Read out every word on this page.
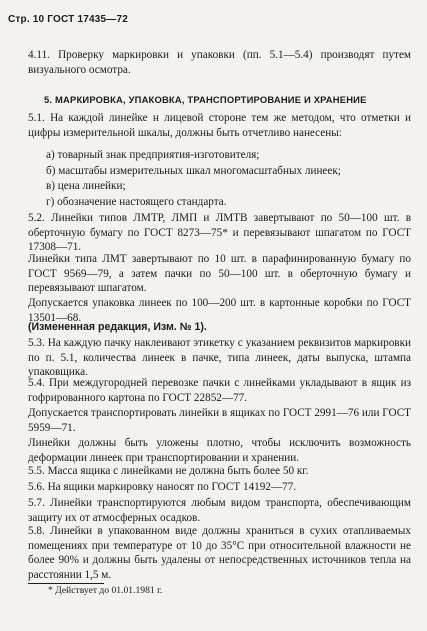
Стр. 10 ГОСТ 17435—72

4.11. Проверку маркировки и упаковки (пп. 5.1—5.4) производят путем визуального осмотра.

5. МАРКИРОВКА, УПАКОВКА, ТРАНСПОРТИРОВАНИЕ И ХРАНЕНИЕ

5.1. На каждой линейке н лицевой стороне тем же методом, что отметки и цифры измерительной шкалы, должны быть отчетливо нанесены:

а) товарный знак предприятия-изготовителя;

б) масштабы измерительных шкал многомасштабных линеек;

в) цена линейки;

г) обозначение настоящего стандарта.

5.2. Линейки типов ЛМТР, ЛМП и ЛМТВ завертывают по 50—100 шт. в оберточную бумагу по ГОСТ 8273—75* и перевязывают шпагатом по ГОСТ 17308—71.

Линейки типа ЛМТ завертывают по 10 шт. в парафинированную бумагу по ГОСТ 9569—79, а затем пачки по 50—100 шт. в оберточную бумагу и перевязывают шпагатом.

Допускается упаковка линеек по 100—200 шт. в картонные коробки по ГОСТ 13501—68.

(Измененная редакция, Изм. № 1).

5.3. На каждую пачку наклеивают этикетку с указанием реквизитов маркировки по п. 5.1, количества линеек в пачке, типа линеек, даты выпуска, штампа упаковщика.

5.4. При междугородней перевозке пачки с линейками укладывают в ящик из гофрированного картона по ГОСТ 22852—77.

Допускается транспортировать линейки в ящиках по ГОСТ 2991—76 или ГОСТ 5959—71.

Линейки должны быть уложены плотно, чтобы исключить возможность деформации линеек при транспортировании и хранении.

5.5. Масса ящика с линейками не должна быть более 50 кг.

5.6. На ящики маркировку наносят по ГОСТ 14192—77.

5.7. Линейки транспортируются любым видом транспорта, обеспечивающим защиту их от атмосферных осадков.

5.8. Линейки в упакованном виде должны храниться в сухих отапливаемых помещениях при температуре от 10 до 35°С при относительной влажности не более 90% и должны быть удалены от непосредственных источников тепла на расстоянии 1,5 м.

* Действует до 01.01.1981 г.
